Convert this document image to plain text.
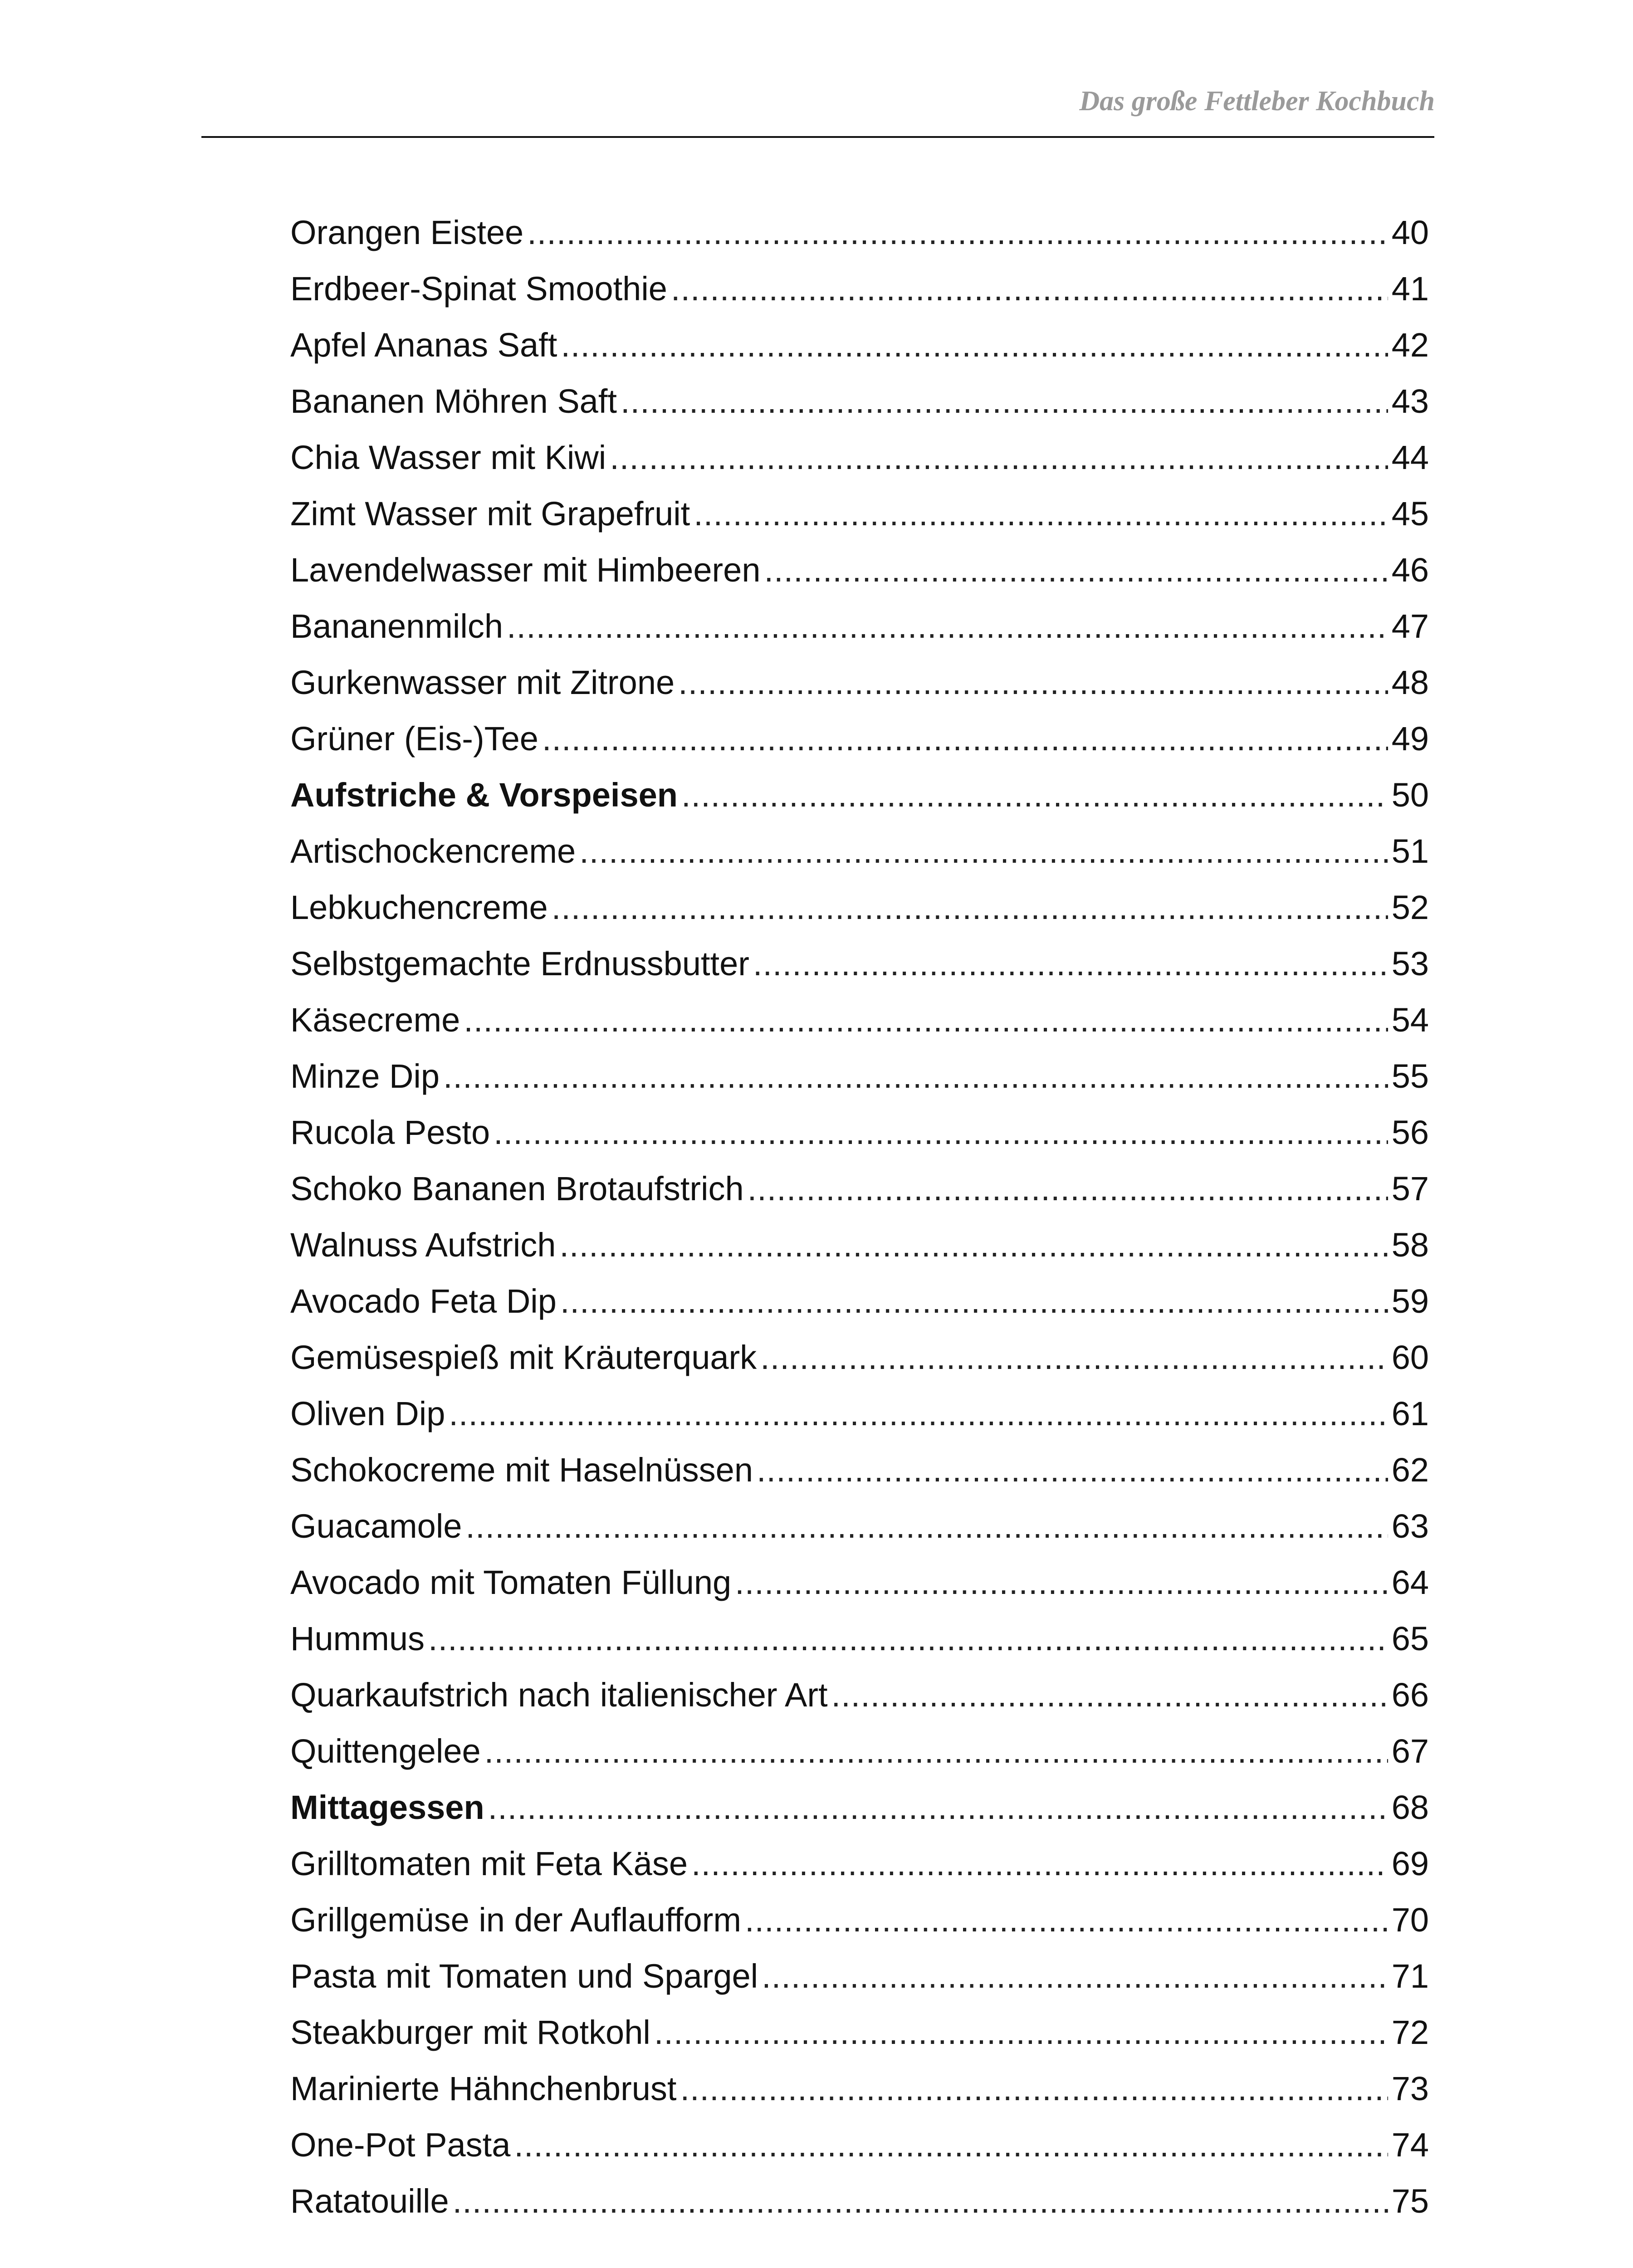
Das große Fettleber Kochbuch
Orangen Eistee .....	40
Erdbeer-Spinat Smoothie .....	41
Apfel Ananas Saft .....	42
Bananen Möhren Saft .....	43
Chia Wasser mit Kiwi .....	44
Zimt Wasser mit Grapefruit .....	45
Lavendelwasser mit Himbeeren .....	46
Bananenmilch .....	47
Gurkenwasser mit Zitrone .....	48
Grüner (Eis-)Tee .....	49
Aufstriche & Vorspeisen .....	50
Artischockencreme .....	51
Lebkuchencreme .....	52
Selbstgemachte Erdnussbutter .....	53
Käsecreme .....	54
Minze Dip .....	55
Rucola Pesto .....	56
Schoko Bananen Brotaufstrich .....	57
Walnuss Aufstrich .....	58
Avocado Feta Dip .....	59
Gemüsespieß mit Kräuterquark .....	60
Oliven Dip .....	61
Schokocreme mit Haselnüssen .....	62
Guacamole .....	63
Avocado mit Tomaten Füllung .....	64
Hummus .....	65
Quarkaufstrich nach italienischer Art .....	66
Quittengelee .....	67
Mittagessen .....	68
Grilltomaten mit Feta Käse .....	69
Grillgemüse in der Auflaufform .....	70
Pasta mit Tomaten und Spargel .....	71
Steakburger mit Rotkohl .....	72
Marinierte Hähnchenbrust .....	73
One-Pot Pasta .....	74
Ratatouille .....	75
